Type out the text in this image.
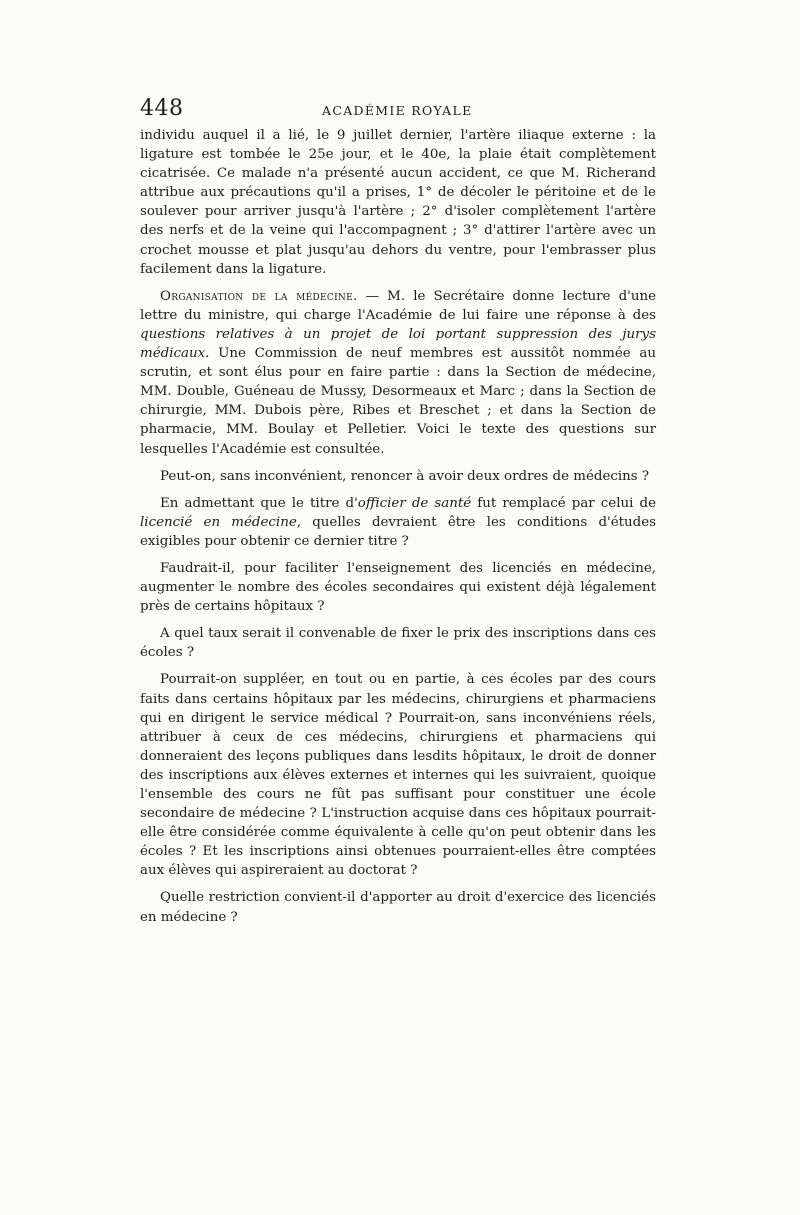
448	ACADÉMIE ROYALE

individu auquel il a lié, le 9 juillet dernier, l'artère iliaque externe : la ligature est tombée le 25e jour, et le 40e, la plaie était complètement cicatrisée. Ce malade n'a présenté aucun accident, ce que M. Richerand attribue aux précautions qu'il a prises, 1° de décoler le péritoine et de le soulever pour arriver jusqu'à l'artère ; 2° d'isoler complètement l'artère des nerfs et de la veine qui l'accompagnent ; 3° d'attirer l'artère avec un crochet mousse et plat jusqu'au dehors du ventre, pour l'embrasser plus facilement dans la ligature.

Organisation de la médecine. — M. le Secrétaire donne lecture d'une lettre du ministre, qui charge l'Académie de lui faire une réponse à des questions relatives à un projet de loi portant suppression des jurys médicaux. Une Commission de neuf membres est aussitôt nommée au scrutin, et sont élus pour en faire partie : dans la Section de médecine, MM. Double, Guéneau de Mussy, Desormeaux et Marc ; dans la Section de chirurgie, MM. Dubois père, Ribes et Breschet ; et dans la Section de pharmacie, MM. Boulay et Pelletier. Voici le texte des questions sur lesquelles l'Académie est consultée.

Peut-on, sans inconvénient, renoncer à avoir deux ordres de médecins ?

En admettant que le titre d'officier de santé fut remplacé par celui de licencié en médecine, quelles devraient être les conditions d'études exigibles pour obtenir ce dernier titre ?

Faudrait-il, pour faciliter l'enseignement des licenciés en médecine, augmenter le nombre des écoles secondaires qui existent déjà légalement près de certains hôpitaux ?

A quel taux serait il convenable de fixer le prix des inscriptions dans ces écoles ?

Pourrait-on suppléer, en tout ou en partie, à ces écoles par des cours faits dans certains hôpitaux par les médecins, chirurgiens et pharmaciens qui en dirigent le service médical ? Pourrait-on, sans inconvéniens réels, attribuer à ceux de ces médecins, chirurgiens et pharmaciens qui donneraient des leçons publiques dans lesdits hôpitaux, le droit de donner des inscriptions aux élèves externes et internes qui les suivraient, quoique l'ensemble des cours ne fût pas suffisant pour constituer une école secondaire de médecine ? L'instruction acquise dans ces hôpitaux pourrait-elle être considérée comme équivalente à celle qu'on peut obtenir dans les écoles ? Et les inscriptions ainsi obtenues pourraient-elles être comptées aux élèves qui aspireraient au doctorat ?

Quelle restriction convient-il d'apporter au droit d'exercice des licenciés en médecine ?
